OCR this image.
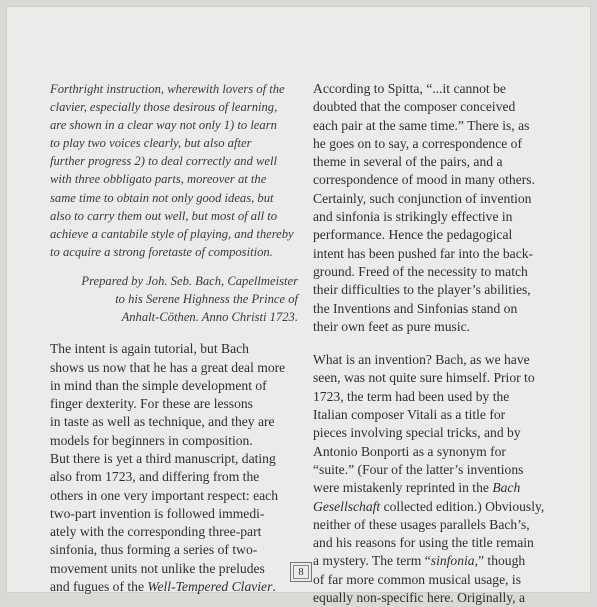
Forthright instruction, wherewith lovers of the
clavier, especially those desirous of learning,
are shown in a clear way not only 1) to learn
to play two voices clearly, but also after
further progress 2) to deal correctly and well
with three obbligato parts, moreover at the
same time to obtain not only good ideas, but
also to carry them out well, but most of all to
achieve a cantabile style of playing, and thereby
to acquire a strong foretaste of composition.

Prepared by Joh. Seb. Bach, Capellmeister
to his Serene Highness the Prince of
Anhalt-Cöthen. Anno Christi 1723.

The intent is again tutorial, but Bach
shows us now that he has a great deal more
in mind than the simple development of
finger dexterity. For these are lessons
in taste as well as technique, and they are
models for beginners in composition.
But there is yet a third manuscript, dating
also from 1723, and differing from the
others in one very important respect: each
two-part invention is followed immedi-
ately with the corresponding three-part
sinfonia, thus forming a series of two-
movement units not unlike the preludes
and fugues of the Well-Tempered Clavier.

According to Spitta, “...it cannot be
doubted that the composer conceived
each pair at the same time.” There is, as
he goes on to say, a correspondence of
theme in several of the pairs, and a
correspondence of mood in many others.
Certainly, such conjunction of invention
and sinfonia is strikingly effective in
performance. Hence the pedagogical
intent has been pushed far into the back-
ground. Freed of the necessity to match
their difficulties to the player’s abilities,
the Inventions and Sinfonias stand on
their own feet as pure music.

What is an invention? Bach, as we have
seen, was not quite sure himself. Prior to
1723, the term had been used by the
Italian composer Vitali as a title for
pieces involving special tricks, and by
Antonio Bonporti as a synonym for
“suite.” (Four of the latter’s inventions
were mistakenly reprinted in the Bach
Gesellschaft collected edition.) Obviously,
neither of these usages parallels Bach’s,
and his reasons for using the title remain
a mystery. The term “sinfonia,” though
of far more common musical usage, is
equally non-specific here. Originally, a

8
